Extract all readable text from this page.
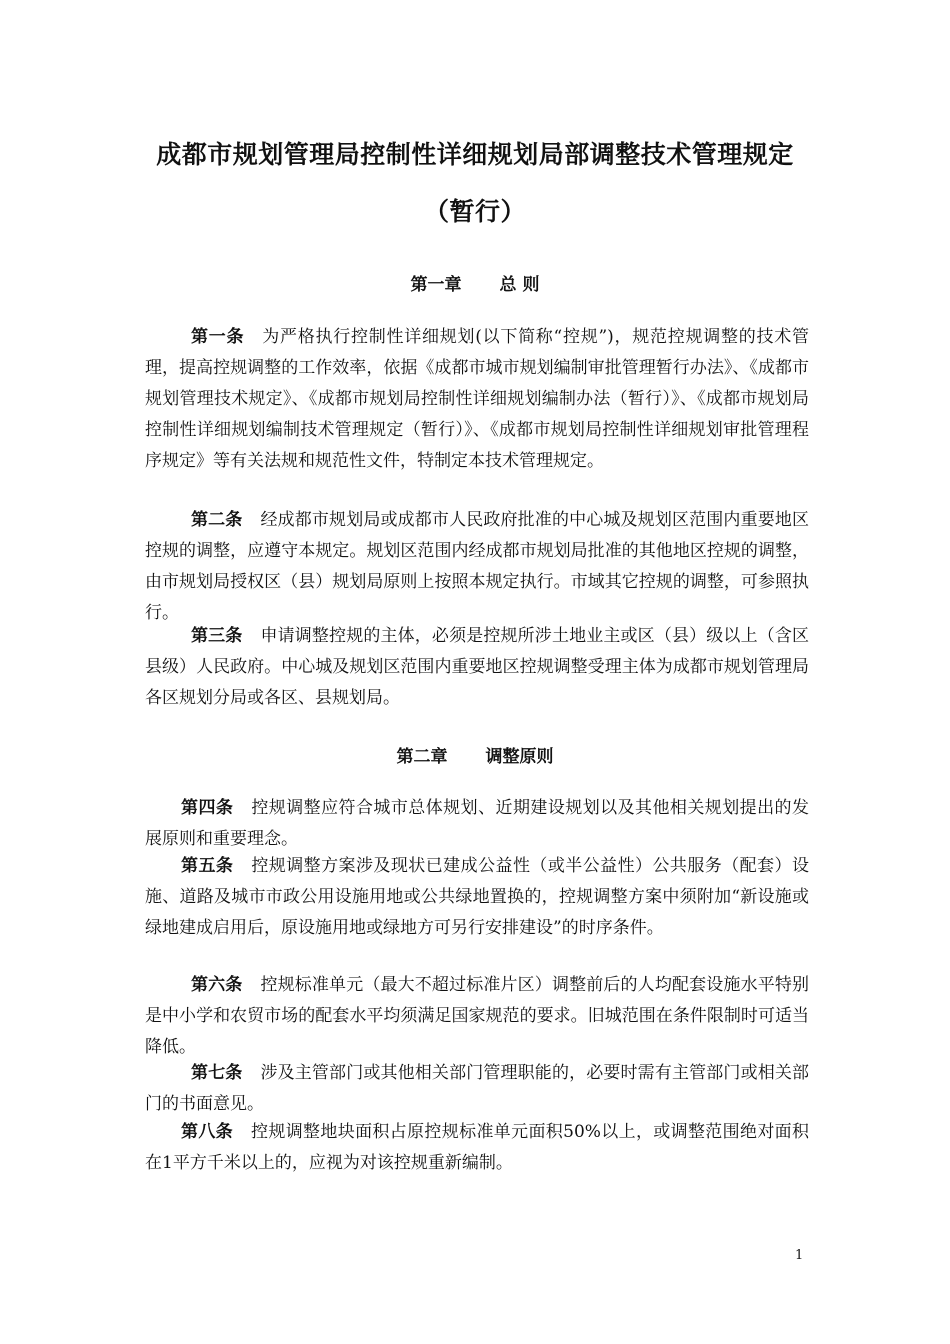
成都市规划管理局控制性详细规划局部调整技术管理规定
（暂行）
第一章 总 则
第一条 为严格执行控制性详细规划(以下简称“控规”)，规范控规调整的技术管理，提高控规调整的工作效率，依据《成都市城市规划编制审批管理暂行办法》、《成都市规划管理技术规定》、《成都市规划局控制性详细规划编制办法（暂行）》、《成都市规划局控制性详细规划编制技术管理规定（暂行）》、《成都市规划局控制性详细规划审批管理程序规定》等有关法规和规范性文件，特制定本技术管理规定。
第二条 经成都市规划局或成都市人民政府批准的中心城及规划区范围内重要地区控规的调整，应遵守本规定。规划区范围内经成都市规划局批准的其他地区控规的调整，由市规划局授权区（县）规划局原则上按照本规定执行。市域其它控规的调整，可参照执行。
第三条 申请调整控规的主体，必须是控规所涉土地业主或区（县）级以上（含区县级）人民政府。中心城及规划区范围内重要地区控规调整受理主体为成都市规划管理局各区规划分局或各区、县规划局。
第二章 调整原则
第四条 控规调整应符合城市总体规划、近期建设规划以及其他相关规划提出的发展原则和重要理念。
第五条 控规调整方案涉及现状已建成公益性（或半公益性）公共服务（配套）设施、道路及城市市政公用设施用地或公共绿地置换的，控规调整方案中须附加“新设施或绿地建成启用后，原设施用地或绿地方可另行安排建设”的时序条件。
第六条 控规标准单元（最大不超过标准片区）调整前后的人均配套设施水平特别是中小学和农贸市场的配套水平均须满足国家规范的要求。旧城范围在条件限制时可适当降低。
第七条 涉及主管部门或其他相关部门管理职能的，必要时需有主管部门或相关部门的书面意见。
第八条 控规调整地块面积占原控规标准单元面积50%以上，或调整范围绝对面积在1平方千米以上的，应视为对该控规重新编制。
1
